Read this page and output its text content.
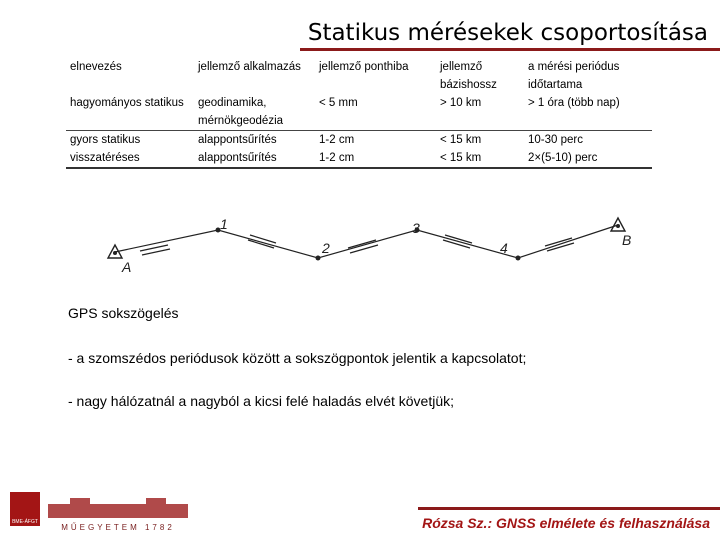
Statikus mérésekek csoportosítása
elnevezés	jellemző alkalmazás	jellemző ponthiba	jellemző bázishossz	a mérési periódus időtartama
hagyományos statikus	geodinamika, mérnökgeodézia	< 5 mm	> 10 km	> 1 óra (több nap)
gyors statikus	alappontsűrítés	1-2 cm	< 15 km	10-30 perc
visszatéréses	alappontsűrítés	1-2 cm	< 15 km	2×(5-10) perc
A
1
2
3
4	B
GPS sokszögelés
- a szomszédos periódusok között a sokszögpontok jelentik a kapcsolatot;
- nagy hálózatnál a nagyból a kicsi felé haladás elvét követjük;
BME-ÁFGT
MŰEGYETEM 1782	Rózsa Sz.: GNSS elmélete és felhasználása
